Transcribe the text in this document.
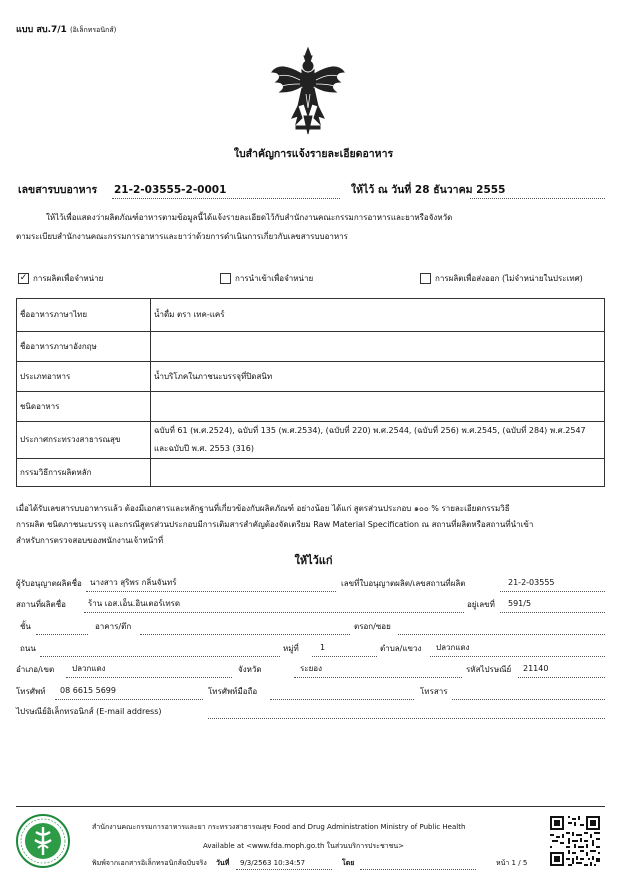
แบบ สบ.7/1 (อิเล็กทรอนิกส์)
ใบสำคัญการแจ้งรายละเอียดอาหาร
เลขสารบบอาหาร 21-2-03555-2-0001	ให้ไว้ ณ วันที่ 28 ธันวาคม 2555
ให้ไว้เพื่อแสดงว่าผลิตภัณฑ์อาหารตามข้อมูลนี้ได้แจ้งรายละเอียดไว้กับสำนักงานคณะกรรมการอาหารและยาหรือจังหวัด
ตามระเบียบสำนักงานคณะกรรมการอาหารและยาว่าด้วยการดำเนินการเกี่ยวกับเลขสารบบอาหาร
✓ การผลิตเพื่อจำหน่าย	การนำเข้าเพื่อจำหน่าย	การผลิตเพื่อส่งออก (ไม่จำหน่ายในประเทศ)
ชื่ออาหารภาษาไทย	น้ำดื่ม ตรา เทค-แคร์
ชื่ออาหารภาษาอังกฤษ	
ประเภทอาหาร	น้ำบริโภคในภาชนะบรรจุที่ปิดสนิท
ชนิดอาหาร	
ประกาศกระทรวงสาธารณสุข	ฉบับที่ 61 (พ.ศ.2524), ฉบับที่ 135 (พ.ศ.2534), (ฉบับที่ 220) พ.ศ.2544, (ฉบับที่ 256) พ.ศ.2545, (ฉบับที่ 284) พ.ศ.2547 และฉบับปี พ.ศ. 2553 (316)
กรรมวิธีการผลิตหลัก	
เมื่อได้รับเลขสารบบอาหารแล้ว ต้องมีเอกสารและหลักฐานที่เกี่ยวข้องกับผลิตภัณฑ์ อย่างน้อย ได้แก่ สูตรส่วนประกอบ ๑๐๐ % รายละเอียดกรรมวิธี
การผลิต ชนิดภาชนะบรรจุ และกรณีสูตรส่วนประกอบมีการเติมสารสำคัญต้องจัดเตรียม Raw Material Specification ณ สถานที่ผลิตหรือสถานที่นำเข้า
สำหรับการตรวจสอบของพนักงานเจ้าหน้าที่
ให้ไว้แก่
ผู้รับอนุญาตผลิตชื่อ นางสาว สุริพร กลิ่นจันทร์	เลขที่ใบอนุญาตผลิต/เลขสถานที่ผลิต	21-2-03555
สถานที่ผลิตชื่อ	ร้าน เอส.เอ็น.อินเตอร์เทรด	อยู่เลขที่ 591/5
ชั้น	อาคาร/ตึก	ตรอก/ซอย
ถนน	หมู่ที่	1	ตำบล/แขวง ปลวกแดง
อำเภอ/เขต ปลวกแดง	จังหวัด	ระยอง	รหัสไปรษณีย์ 21140
โทรศัพท์ 08 6615 5699	โทรศัพท์มือถือ	โทรสาร
ไปรษณีย์อิเล็กทรอนิกส์ (E-mail address)
สำนักงานคณะกรรมการอาหารและยา กระทรวงสาธารณสุข Food and Drug Administration Ministry of Public Health
Available at <www.fda.moph.go.th ในส่วนบริการประชาชน>
พิมพ์จากเอกสารอิเล็กทรอนิกส์ฉบับจริง วันที่ 9/3/2563 10:34:57	โดย	หน้า 1 / 5
